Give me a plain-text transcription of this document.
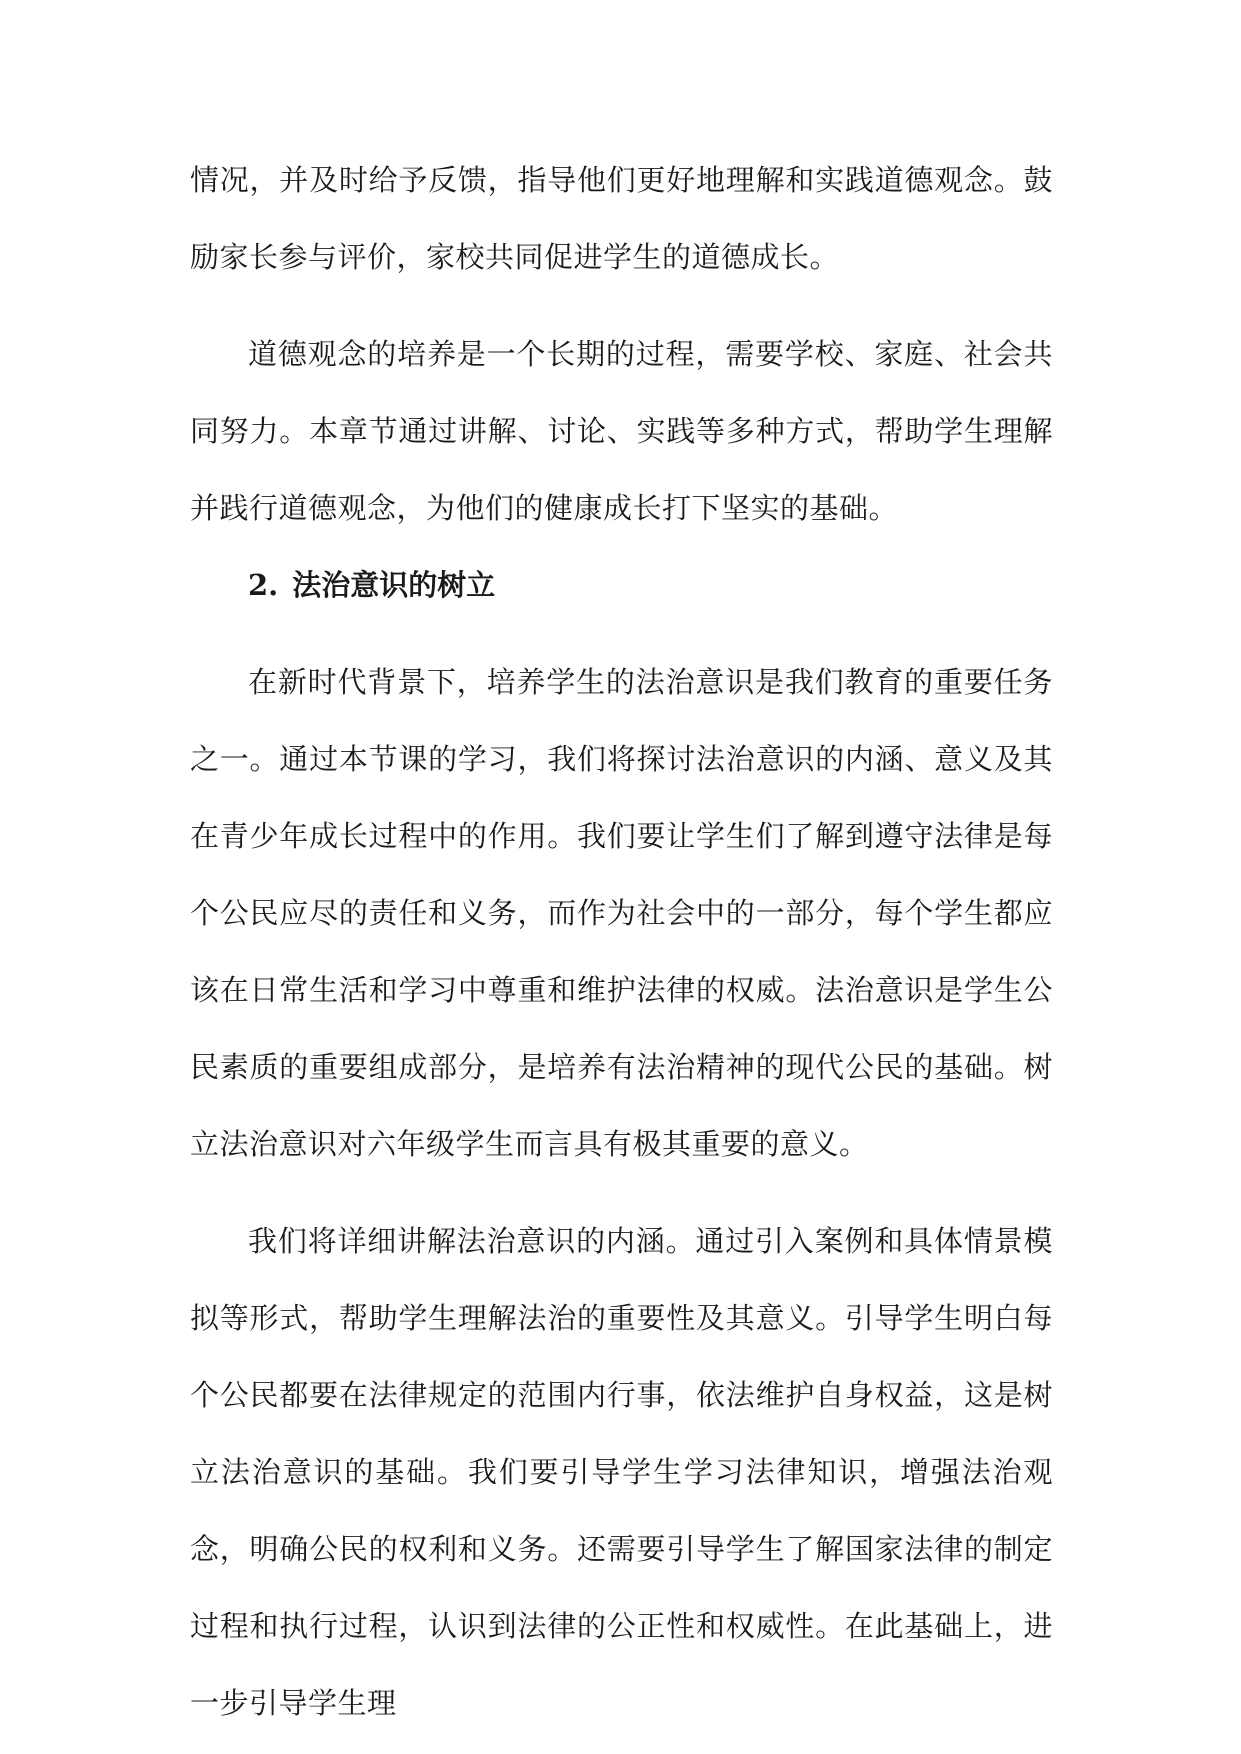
情况，并及时给予反馈，指导他们更好地理解和实践道德观念。鼓励家长参与评价，家校共同促进学生的道德成长。

道德观念的培养是一个长期的过程，需要学校、家庭、社会共同努力。本章节通过讲解、讨论、实践等多种方式，帮助学生理解并践行道德观念，为他们的健康成长打下坚实的基础。

2. 法治意识的树立

在新时代背景下，培养学生的法治意识是我们教育的重要任务之一。通过本节课的学习，我们将探讨法治意识的内涵、意义及其在青少年成长过程中的作用。我们要让学生们了解到遵守法律是每个公民应尽的责任和义务，而作为社会中的一部分，每个学生都应该在日常生活和学习中尊重和维护法律的权威。法治意识是学生公民素质的重要组成部分，是培养有法治精神的现代公民的基础。树立法治意识对六年级学生而言具有极其重要的意义。

我们将详细讲解法治意识的内涵。通过引入案例和具体情景模拟等形式，帮助学生理解法治的重要性及其意义。引导学生明白每个公民都要在法律规定的范围内行事，依法维护自身权益，这是树立法治意识的基础。我们要引导学生学习法律知识，增强法治观念，明确公民的权利和义务。还需要引导学生了解国家法律的制定过程和执行过程，认识到法律的公正性和权威性。在此基础上，进一步引导学生理
